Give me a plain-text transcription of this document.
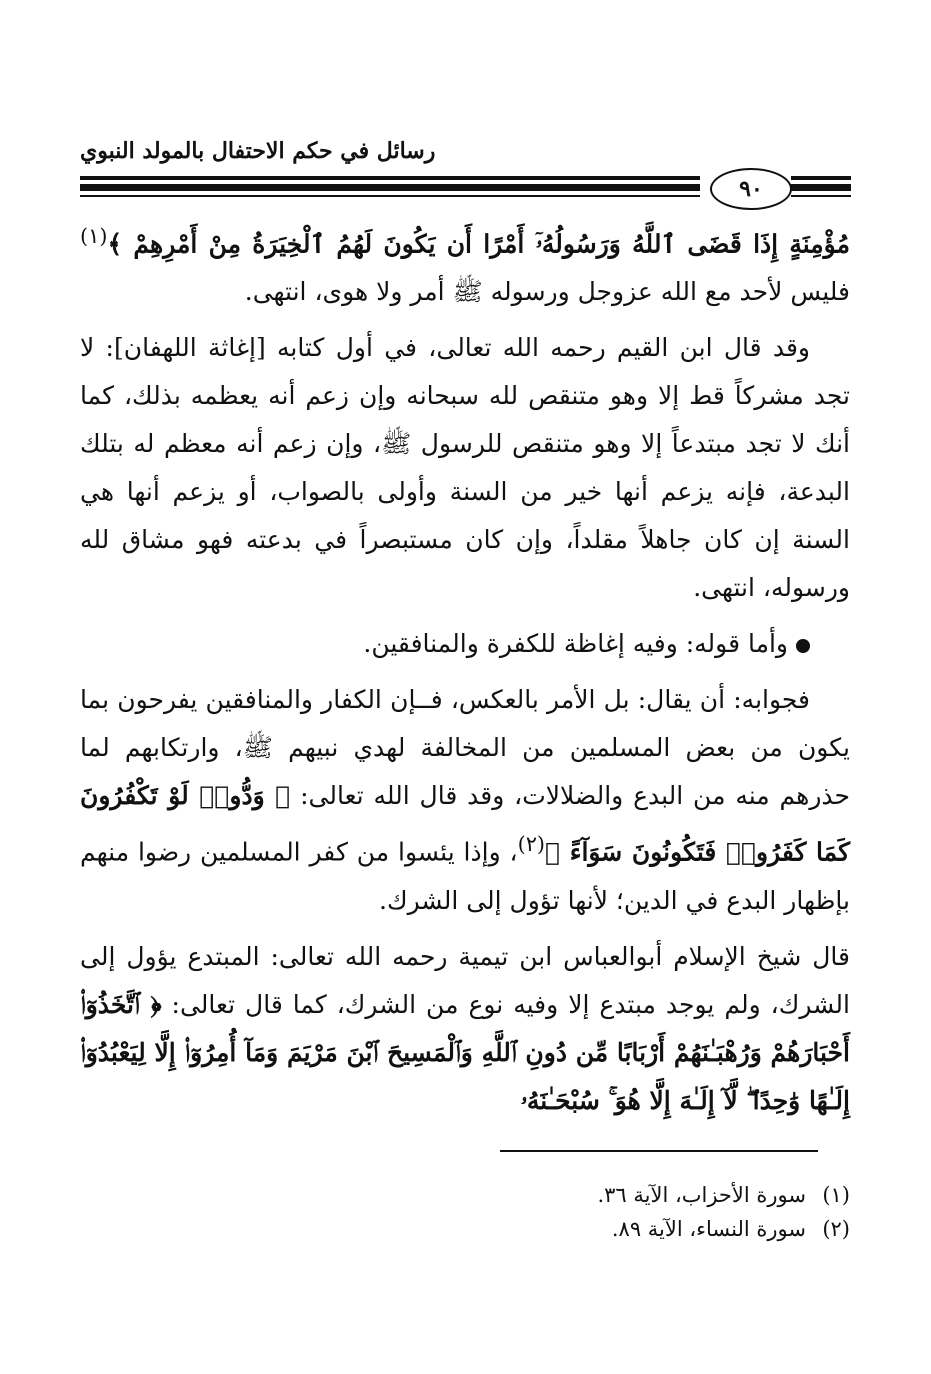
رسائل في حكم الاحتفال بالمولد النبوي
٩٠

مُؤْمِنَةٍ إِذَا قَضَى ٱللَّهُ وَرَسُولُهُۥٓ أَمْرًا أَن يَكُونَ لَهُمُ ٱلْخِيَرَةُ مِنْ أَمْرِهِمْ ﴾$^{(١)}$ فليس لأحد مع الله عزوجل ورسوله ﷺ أمر ولا هوى، انتهى.

وقد قال ابن القيم رحمه الله تعالى، في أول كتابه [إغاثة اللهفان]: لا تجد مشركاً قط إلا وهو متنقص لله سبحانه وإن زعم أنه يعظمه بذلك، كما أنك لا تجد مبتدعاً إلا وهو متنقص للرسول ﷺ، وإن زعم أنه معظم له بتلك البدعة، فإنه يزعم أنها خير من السنة وأولى بالصواب، أو يزعم أنها هي السنة إن كان جاهلاً مقلداً، وإن كان مستبصراً في بدعته فهو مشاق لله ورسوله، انتهى.

وأما قوله: وفيه إغاظة للكفرة والمنافقين.

فجوابه: أن يقال: بل الأمر بالعكس، فــإن الكفار والمنافقين يفرحون بما يكون من بعض المسلمين من المخالفة لهدي نبيهم ﷺ، وارتكابهم لما حذرهم منه من البدع والضلالات، وقد قال الله تعالى: ﴿ وَدُّوا۟ لَوْ تَكْفُرُونَ كَمَا كَفَرُوا۟ فَتَكُونُونَ سَوَآءً ﴾$^{(٢)}$، وإذا يئسوا من كفر المسلمين رضوا منهم بإظهار البدع في الدين؛ لأنها تؤول إلى الشرك.

قال شيخ الإسلام أبوالعباس ابن تيمية رحمه الله تعالى: المبتدع يؤول إلى الشرك، ولم يوجد مبتدع إلا وفيه نوع من الشرك، كما قال تعالى: ﴿ ٱتَّخَذُوٓا۟ أَحْبَارَهُمْ وَرُهْبَـٰنَهُمْ أَرْبَابًا مِّن دُونِ ٱللَّهِ وَٱلْمَسِيحَ ٱبْنَ مَرْيَمَ وَمَآ أُمِرُوٓا۟ إِلَّا لِيَعْبُدُوٓا۟ إِلَـٰهًا وَٰحِدًا ۖ لَّآ إِلَـٰهَ إِلَّا هُوَ ۚ سُبْحَـٰنَهُۥ

(١)سورة الأحزاب، الآية ٣٦.
(٢)سورة النساء، الآية ٨٩.
